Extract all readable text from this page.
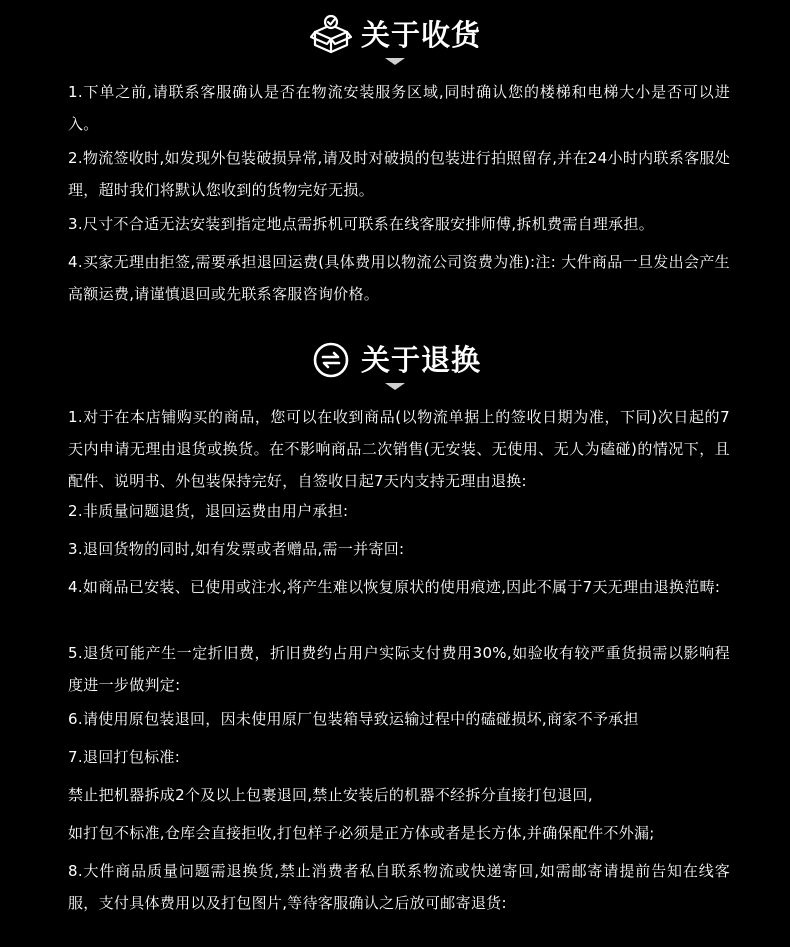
关于收货

1.下单之前,请联系客服确认是否在物流安装服务区域,同时确认您的楼梯和电梯大小是否可以进入。

2.物流签收时,如发现外包装破损异常,请及时对破损的包装进行拍照留存,并在24小时内联系客服处理，超时我们将默认您收到的货物完好无损。

3.尺寸不合适无法安装到指定地点需拆机可联系在线客服安排师傅,拆机费需自理承担。

4.买家无理由拒签,需要承担退回运费(具体费用以物流公司资费为准):注: 大件商品一旦发出会产生高额运费,请谨慎退回或先联系客服咨询价格。

关于退换

1.对于在本店铺购买的商品，您可以在收到商品(以物流单据上的签收日期为准，下同)次日起的7天内申请无理由退货或换货。在不影响商品二次销售(无安装、无使用、无人为磕碰)的情况下，且配件、说明书、外包装保持完好，自签收日起7天内支持无理由退换:

2.非质量问题退货，退回运费由用户承担:

3.退回货物的同时,如有发票或者赠品,需一并寄回:

4.如商品已安装、已使用或注水,将产生难以恢复原状的使用痕迹,因此不属于7天无理由退换范畴:

5.退货可能产生一定折旧费，折旧费约占用户实际支付费用30%,如验收有较严重货损需以影响程度进一步做判定:

6.请使用原包装退回，因未使用原厂包装箱导致运输过程中的磕碰损坏,商家不予承担

7.退回打包标准:

禁止把机器拆成2个及以上包裹退回,禁止安装后的机器不经拆分直接打包退回,

如打包不标准,仓库会直接拒收,打包样子必须是正方体或者是长方体,并确保配件不外漏;

8.大件商品质量问题需退换货,禁止消费者私自联系物流或快递寄回,如需邮寄请提前告知在线客服，支付具体费用以及打包图片,等待客服确认之后放可邮寄退货:
